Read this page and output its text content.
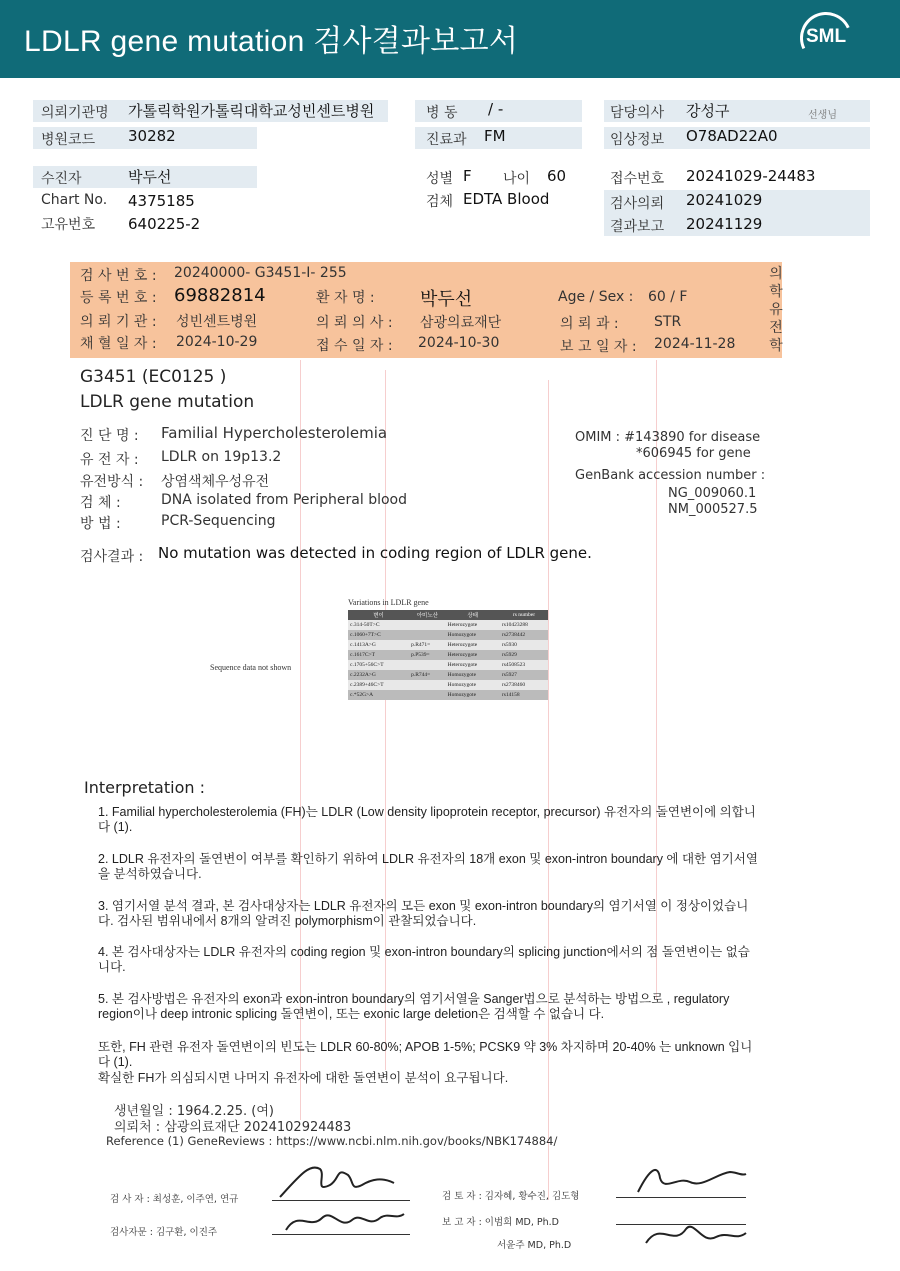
LDLR gene mutation 검사결과보고서	SML
의뢰기관명 가톨릭학원가톨릭대학교성빈센트병원
병원코드 30282
병 동 / -
진료과 FM
담당의사 강성구	선생님
임상정보 O78AD22A0
수진자	박두선
Chart No. 4375185
고유번호 640225-2
성별 F 나이 60
검체 EDTA Blood
접수번호 20241029-24483
검사의뢰 20241029
결과보고 20241129
검 사 번 호 : 20240000- G3451-I- 255
등 록 번 호 : 69882814	환 자 명 :	박두선	Age / Sex : 60 / F
의 뢰 기 관 : 성빈센트병원	의 뢰 의 사 : 삼광의료재단	의 뢰 과 :	STR
채 혈 일 자 : 2024-10-29	접 수 일 자 : 2024-10-30	보 고 일 자 : 2024-11-28
의
학
유
전
학
G3451 (EC0125 )
LDLR gene mutation
진 단 명 : Familial Hypercholesterolemia
유 전 자 : LDLR on 19p13.2
유전방식 : 상염색체우성유전
검 체 :	DNA isolated from Peripheral blood
방 법 :	PCR-Sequencing
OMIM : #143890 for disease
*606945 for gene
GenBank accession number :
NG_009060.1
NM_000527.5
검사결과 : No mutation was detected in coding region of LDLR gene.
Variations in LDLR gene
Sequence data not shown
변이	아미노산	상태	rs number
c.314-50T>C		Heterozygote	rs10423288
c.1060+7T>C		Homozygote	rs2738442
c.1413A>G	p.R471=	Heterozygote	rs5930
c.1617C>T	p.P539=	Heterozygote	rs5929
c.1705+56C>T		Heterozygote	rs4508523
c.2232A>G	p.R744=	Homozygote	rs5927
c.2389+46C>T		Homozygote	rs2738460
c.*52G>A		Homozygote	rs14158
Interpretation :
1. Familial hypercholesterolemia (FH)는 LDLR (Low density lipoprotein receptor, precursor) 유전자의 돌연변이에 의합니다 (1).
2. LDLR 유전자의 돌연변이 여부를 확인하기 위하여 LDLR 유전자의 18개 exon 및 exon-intron boundary 에 대한 염기서열을 분석하였습니다.
3. 염기서열 분석 결과, 본 검사대상자는 LDLR 유전자의 모든 exon 및 exon-intron boundary의 염기서열 이 정상이었습니다. 검사된 범위내에서 8개의 알려진 polymorphism이 관찰되었습니다.
4. 본 검사대상자는 LDLR 유전자의 coding region 및 exon-intron boundary의 splicing junction에서의 점 돌연변이는 없습니다.
5. 본 검사방법은 유전자의 exon과 exon-intron boundary의 염기서열을 Sanger법으로 분석하는 방법으로 , regulatory region이나 deep intronic splicing 돌연변이, 또는 exonic large deletion은 검색할 수 없습니 다.
또한, FH 관련 유전자 돌연변이의 빈도는 LDLR 60-80%; APOB 1-5%; PCSK9 약 3% 차지하며 20-40% 는 unknown 입니다 (1).
확실한 FH가 의심되시면 나머지 유전자에 대한 돌연변이 분석이 요구됩니다.
생년월일 : 1964.2.25. (여)
의뢰처 : 삼광의료재단 2024102924483
Reference (1) GeneReviews : https://www.ncbi.nlm.nih.gov/books/NBK174884/
검 사 자 : 최성훈, 이주연, 연규
검사자문 : 김구환, 이진주
검 토 자 : 김자혜, 황수진, 김도형
보 고 자 : 이범희 MD, Ph.D
서윤주 MD, Ph.D
